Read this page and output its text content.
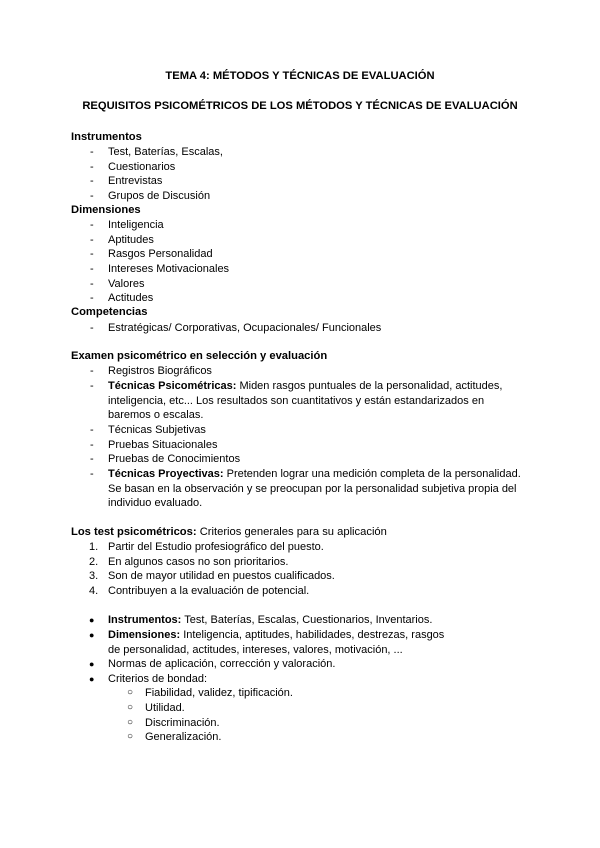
TEMA 4: MÉTODOS Y TÉCNICAS DE EVALUACIÓN
REQUISITOS PSICOMÉTRICOS DE LOS MÉTODOS Y TÉCNICAS DE EVALUACIÓN
Instrumentos
- Test, Baterías, Escalas,
- Cuestionarios
- Entrevistas
- Grupos de Discusión
Dimensiones
- Inteligencia
- Aptitudes
- Rasgos Personalidad
- Intereses Motivacionales
- Valores
- Actitudes
Competencias
- Estratégicas/ Corporativas, Ocupacionales/ Funcionales
Examen psicométrico en selección y evaluación
- Registros Biográficos
- Técnicas Psicométricas: Miden rasgos puntuales de la personalidad, actitudes, inteligencia, etc... Los resultados son cuantitativos y están estandarizados en baremos o escalas.
- Técnicas Subjetivas
- Pruebas Situacionales
- Pruebas de Conocimientos
- Técnicas Proyectivas: Pretenden lograr una medición completa de la personalidad. Se basan en la observación y se preocupan por la personalidad subjetiva propia del individuo evaluado.
Los test psicométricos: Criterios generales para su aplicación
1. Partir del Estudio profesiográfico del puesto.
2. En algunos casos no son prioritarios.
3. Son de mayor utilidad en puestos cualificados.
4. Contribuyen a la evaluación de potencial.
● Instrumentos: Test, Baterías, Escalas, Cuestionarios, Inventarios.
● Dimensiones: Inteligencia, aptitudes, habilidades, destrezas, rasgos de personalidad, actitudes, intereses, valores, motivación, ...
● Normas de aplicación, corrección y valoración.
● Criterios de bondad:
○ Fiabilidad, validez, tipificación.
○ Utilidad.
○ Discriminación.
○ Generalización.
